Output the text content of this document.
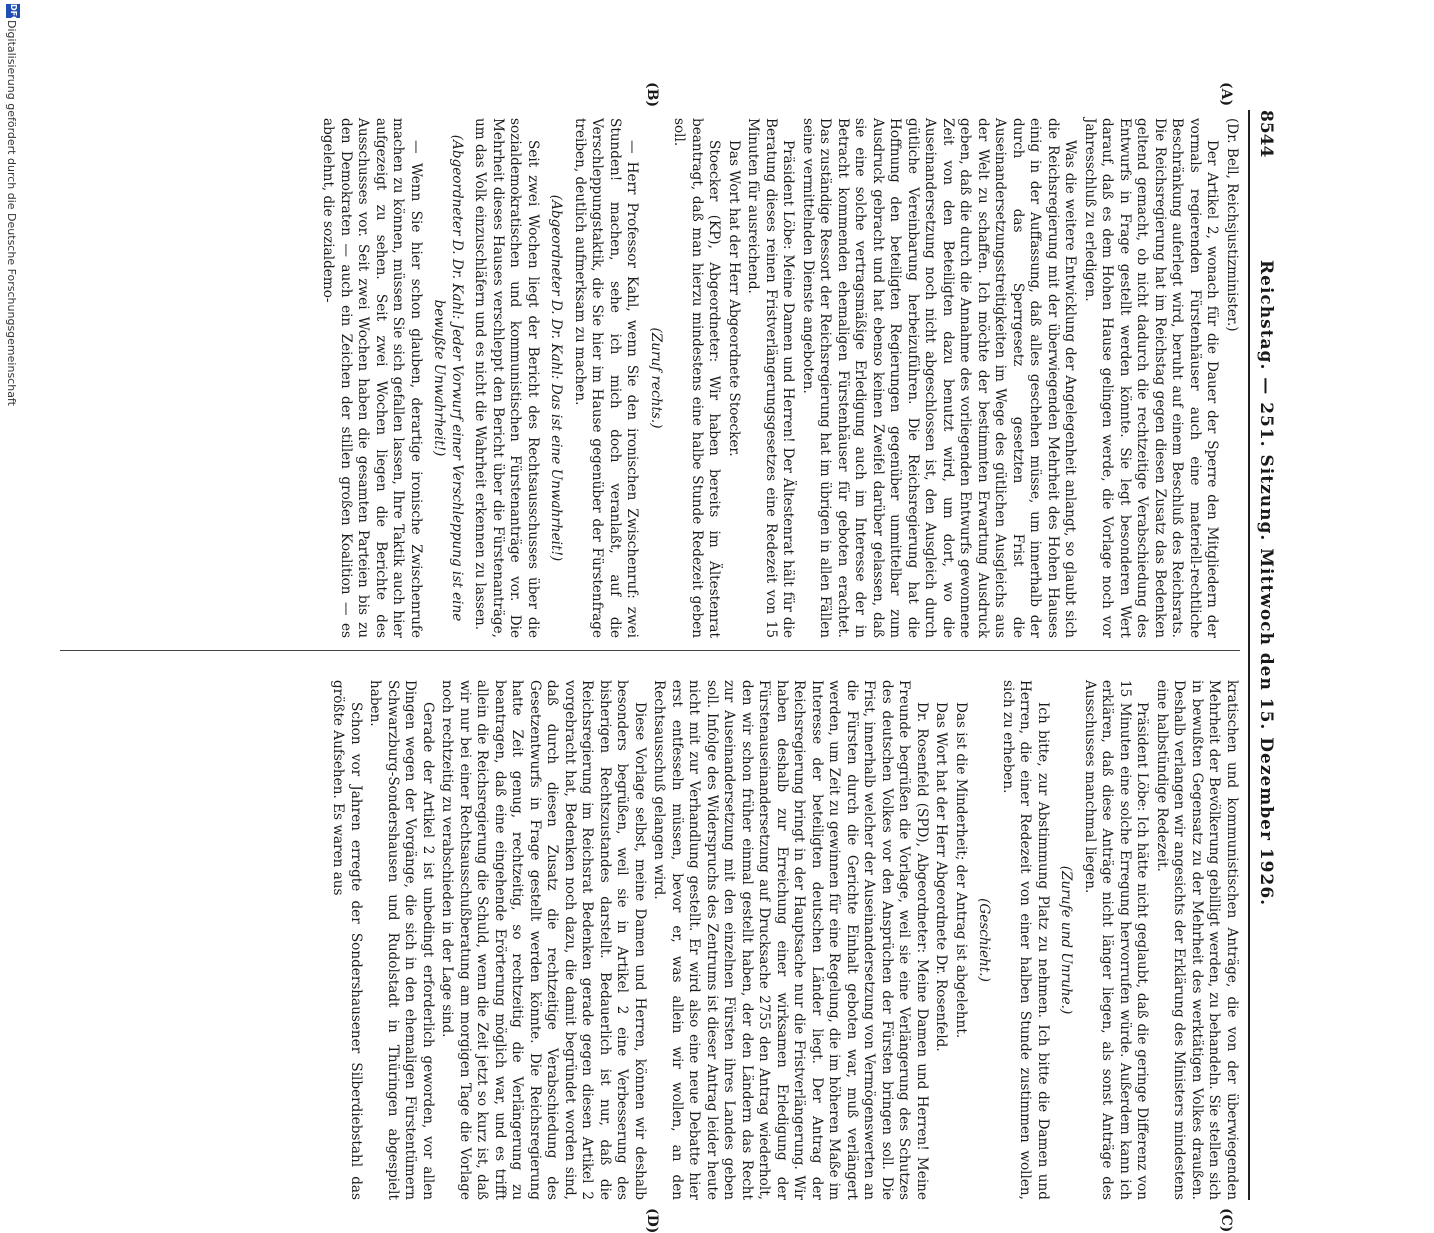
8544
Reichstag. — 251. Sitzung. Mittwoch den 15. Dezember 1926.
(A)
(B)
(C)
(D)

(Dr. Bell, Reichsjustizminister.)

Der Artikel 2, wonach für die Dauer der Sperre den Mitgliedern der vormals regierenden Fürstenhäuser auch eine materiell-rechtliche Beschränkung auferlegt wird, beruht auf einem Beschluß des Reichsrats. Die Reichsregierung hat im Reichstag gegen diesen Zusatz das Bedenken geltend gemacht, ob nicht dadurch die rechtzeitige Verabschiedung des Entwurfs in Frage gestellt werden könnte. Sie legt besonderen Wert darauf, daß es dem Hohen Hause gelingen werde, die Vorlage noch vor Jahresschluß zu erledigen.

Was die weitere Entwicklung der Angelegenheit anlangt, so glaubt sich die Reichsregierung mit der überwiegenden Mehrheit des Hohen Hauses einig in der Auffassung, daß alles geschehen müsse, um innerhalb der durch das Sperrgesetz gesetzten Frist die Auseinandersetzungsstreitigkeiten im Wege des gütlichen Ausgleichs aus der Welt zu schaffen. Ich möchte der bestimmten Erwartung Ausdruck geben, daß die durch die Annahme des vorliegenden Entwurfs gewonnene Zeit von den Beteiligten dazu benutzt wird, um dort, wo die Auseinandersetzung noch nicht abgeschlossen ist, den Ausgleich durch gütliche Vereinbarung herbeizuführen. Die Reichsregierung hat die Hoffnung den beteiligten Regierungen gegenüber unmittelbar zum Ausdruck gebracht und hat ebenso keinen Zweifel darüber gelassen, daß sie eine solche vertragsmäßige Erledigung auch im Interesse der in Betracht kommenden ehemaligen Fürstenhäuser für geboten erachtet. Das zuständige Ressort der Reichsregierung hat im übrigen in allen Fällen seine vermittelnden Dienste angeboten.

Präsident Löbe: Meine Damen und Herren! Der Ältestenrat hält für die Beratung dieses reinen Fristverlängerungsgesetzes eine Redezeit von 15 Minuten für ausreichend.

Das Wort hat der Herr Abgeordnete Stoecker.

Stoecker (KP), Abgeordneter: Wir haben bereits im Ältestenrat beantragt, daß man hierzu mindestens eine halbe Stunde Redezeit geben soll.

(Zuruf rechts.)

— Herr Professor Kahl, wenn Sie den ironischen Zwischenruf: zwei Stunden! machen, sehe ich mich doch veranlaßt, auf die Verschleppungstaktik, die Sie hier im Hause gegenüber der Fürstenfrage treiben, deutlich aufmerksam zu machen.

(Abgeordneter D. Dr. Kahl: Das ist eine Unwahrheit!)

Seit zwei Wochen liegt der Bericht des Rechtsausschusses über die sozialdemokratischen und kommunistischen Fürstenanträge vor. Die Mehrheit dieses Hauses verschleppt den Bericht über die Fürstenanträge, um das Volk einzuschläfern und es nicht die Wahrheit erkennen zu lassen.

(Abgeordneter D. Dr. Kahl: Jeder Vorwurf einer Verschleppung ist eine bewußte Unwahrheit!)

— Wenn Sie hier schon glauben, derartige ironische Zwischenrufe machen zu können, müssen Sie sich gefallen lassen, Ihre Taktik auch hier aufgezeigt zu sehen. Seit zwei Wochen liegen die Berichte des Ausschusses vor. Seit zwei Wochen haben die gesamten Parteien bis zu den Demokraten — auch ein Zeichen der stillen großen Koalition — es abgelehnt, die sozialdemo-

kratischen und kommunistischen Anträge, die von der überwiegenden Mehrheit der Bevölkerung gebilligt werden, zu behandeln. Sie stellen sich in bewußten Gegensatz zu der Mehrheit des werktätigen Volkes draußen. Deshalb verlangen wir angesichts der Erklärung des Ministers mindestens eine halbstündige Redezeit.

Präsident Löbe: Ich hätte nicht geglaubt, daß die geringe Differenz von 15 Minuten eine solche Erregung hervorrufen würde. Außerdem kann ich erklären, daß diese Anträge nicht länger liegen, als sonst Anträge des Ausschusses manchmal liegen.

(Zurufe und Unruhe.)

Ich bitte, zur Abstimmung Platz zu nehmen. Ich bitte die Damen und Herren, die einer Redezeit von einer halben Stunde zustimmen wollen, sich zu erheben.

(Geschieht.)

Das ist die Minderheit; der Antrag ist abgelehnt.

Das Wort hat der Herr Abgeordnete Dr. Rosenfeld.

Dr. Rosenfeld (SPD), Abgeordneter: Meine Damen und Herren! Meine Freunde begrüßen die Vorlage, weil sie eine Verlängerung des Schutzes des deutschen Volkes vor den Ansprüchen der Fürsten bringen soll. Die Frist, innerhalb welcher der Auseinandersetzung von Vermögenswerten an die Fürsten durch die Gerichte Einhalt geboten war, muß verlängert werden, um Zeit zu gewinnen für eine Regelung, die im höheren Maße im Interesse der beteiligten deutschen Länder liegt. Der Antrag der Reichsregierung bringt in der Hauptsache nur die Fristverlängerung. Wir haben deshalb zur Erreichung einer wirksamen Erledigung der Fürstenauseinandersetzung auf Drucksache 2755 den Antrag wiederholt, den wir schon früher einmal gestellt haben, der den Ländern das Recht zur Auseinandersetzung mit den einzelnen Fürsten ihres Landes geben soll. Infolge des Widerspruchs des Zentrums ist dieser Antrag leider heute nicht mit zur Verhandlung gestellt. Er wird also eine neue Debatte hier erst entfesseln müssen, bevor er, was allein wir wollen, an den Rechtsausschuß gelangen wird.

Diese Vorlage selbst, meine Damen und Herren, können wir deshalb besonders begrüßen, weil sie in Artikel 2 eine Verbesserung des bisherigen Rechtszustandes darstellt. Bedauerlich ist nur, daß die Reichsregierung im Reichsrat Bedenken gerade gegen diesen Artikel 2 vorgebracht hat, Bedenken noch dazu, die damit begründet worden sind, daß durch diesen Zusatz die rechtzeitige Verabschiedung des Gesetzentwurfs in Frage gestellt werden könnte. Die Reichsregierung hatte Zeit genug, rechtzeitig, so rechtzeitig die Verlängerung zu beantragen, daß eine eingehende Erörterung möglich war, und es trifft allein die Reichsregierung die Schuld, wenn die Zeit jetzt so kurz ist, daß wir nur bei einer Rechtsausschußberatung am morgigen Tage die Vorlage noch rechtzeitig zu verabschieden in der Lage sind.

Gerade der Artikel 2 ist unbedingt erforderlich geworden, vor allen Dingen wegen der Vorgänge, die sich in den ehemaligen Fürstentümern Schwarzburg-Sondershausen und Rudolstadt in Thüringen abgespielt haben.

Schon vor Jahren erregte der Sondershausener Silberdiebstahl das größte Aufsehen. Es waren aus

DFG
Digitalisierung gefördert durch die Deutsche Forschungsgemeinschaft
